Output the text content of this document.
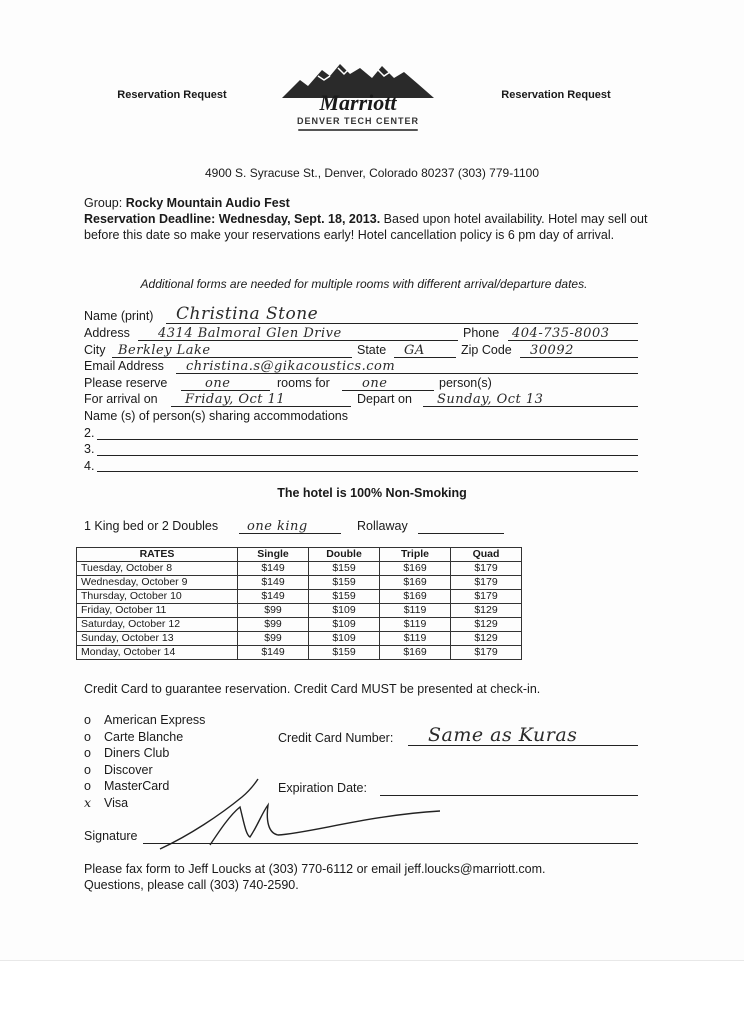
Reservation Request	Reservation Request
Marriott
DENVER TECH CENTER
4900 S. Syracuse St., Denver, Colorado 80237 (303) 779-1100
Group: Rocky Mountain Audio Fest
Reservation Deadline: Wednesday, Sept. 18, 2013. Based upon hotel availability. Hotel may sell out before this date so make your reservations early! Hotel cancellation policy is 6 pm day of arrival.
Additional forms are needed for multiple rooms with different arrival/departure dates.
Name (print) Christina Stone
Address 4314 Balmoral Glen Drive	Phone 404-735-8003
City Berkley Lake	State GA	Zip Code 30092
Email Address christina.s@gikacoustics.com
Please reserve	one	rooms for one	person(s)
For arrival on Friday, Oct 11	Depart on Sunday, Oct 13
Name (s) of person(s) sharing accommodations
2.
3.
4.
The hotel is 100% Non-Smoking
1 King bed or 2 Doubles one king	Rollaway
RATES	Single	Double	Triple	Quad
Tuesday, October 8	$149	$159	$169	$179
Wednesday, October 9	$149	$159	$169	$179
Thursday, October 10	$149	$159	$169	$179
Friday, October 11	$99	$109	$119	$129
Saturday, October 12	$99	$109	$119	$129
Sunday, October 13	$99	$109	$119	$129
Monday, October 14	$149	$159	$169	$179
Credit Card to guarantee reservation. Credit Card MUST be presented at check-in.
o American Express
o Carte Blanche
o Diners Club
o Discover
o MasterCard
x Visa
Credit Card Number: Same as Kuras
Expiration Date:
Signature
Please fax form to Jeff Loucks at (303) 770-6112 or email jeff.loucks@marriott.com.
Questions, please call (303) 740-2590.
